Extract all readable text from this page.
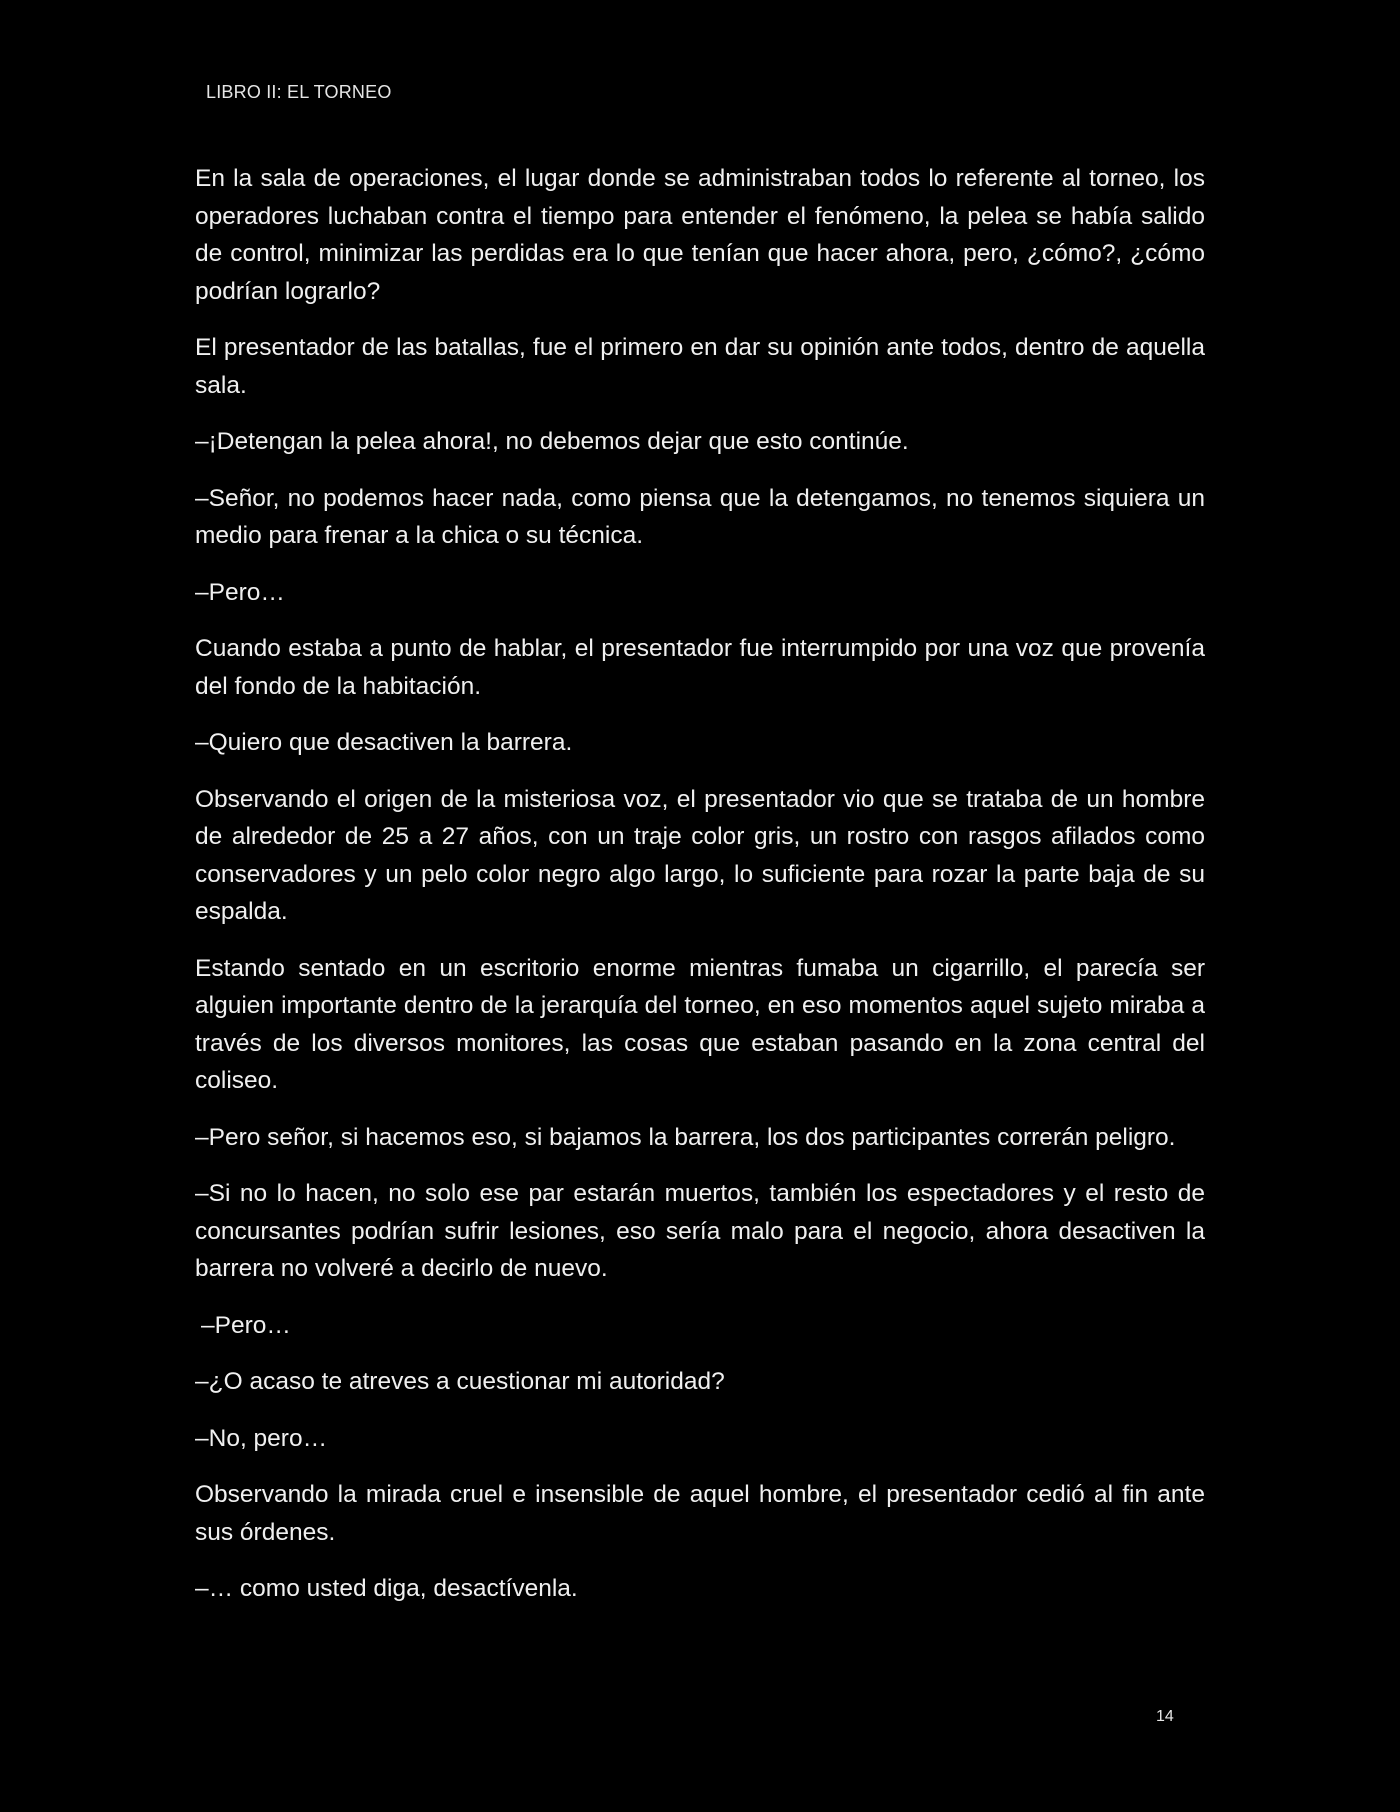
LIBRO II: EL TORNEO

En la sala de operaciones, el lugar donde se administraban todos lo referente al torneo, los operadores luchaban contra el tiempo para entender el fenómeno, la pelea se había salido de control, minimizar las perdidas era lo que tenían que hacer ahora, pero, ¿cómo?, ¿cómo podrían lograrlo?

El presentador de las batallas, fue el primero en dar su opinión ante todos, dentro de aquella sala.

–¡Detengan la pelea ahora!, no debemos dejar que esto continúe.

–Señor, no podemos hacer nada, como piensa que la detengamos, no tenemos siquiera un medio para frenar a la chica o su técnica.

–Pero…

Cuando estaba a punto de hablar, el presentador fue interrumpido por una voz que provenía del fondo de la habitación.

–Quiero que desactiven la barrera.

Observando el origen de la misteriosa voz, el presentador vio que se trataba de un hombre de alrededor de 25 a 27 años, con un traje color gris, un rostro con rasgos afilados como conservadores y un pelo color negro algo largo, lo suficiente para rozar la parte baja de su espalda.

Estando sentado en un escritorio enorme mientras fumaba un cigarrillo, el parecía ser alguien importante dentro de la jerarquía del torneo, en eso momentos aquel sujeto miraba a través de los diversos monitores, las cosas que estaban pasando en la zona central del coliseo.

–Pero señor, si hacemos eso, si bajamos la barrera, los dos participantes correrán peligro.

–Si no lo hacen, no solo ese par estarán muertos, también los espectadores y el resto de concursantes podrían sufrir lesiones, eso sería malo para el negocio, ahora desactiven la barrera no volveré a decirlo de nuevo.

–Pero…

–¿O acaso te atreves a cuestionar mi autoridad?

–No, pero…

Observando la mirada cruel e insensible de aquel hombre, el presentador cedió al fin ante sus órdenes.

–… como usted diga, desactívenla.

14
